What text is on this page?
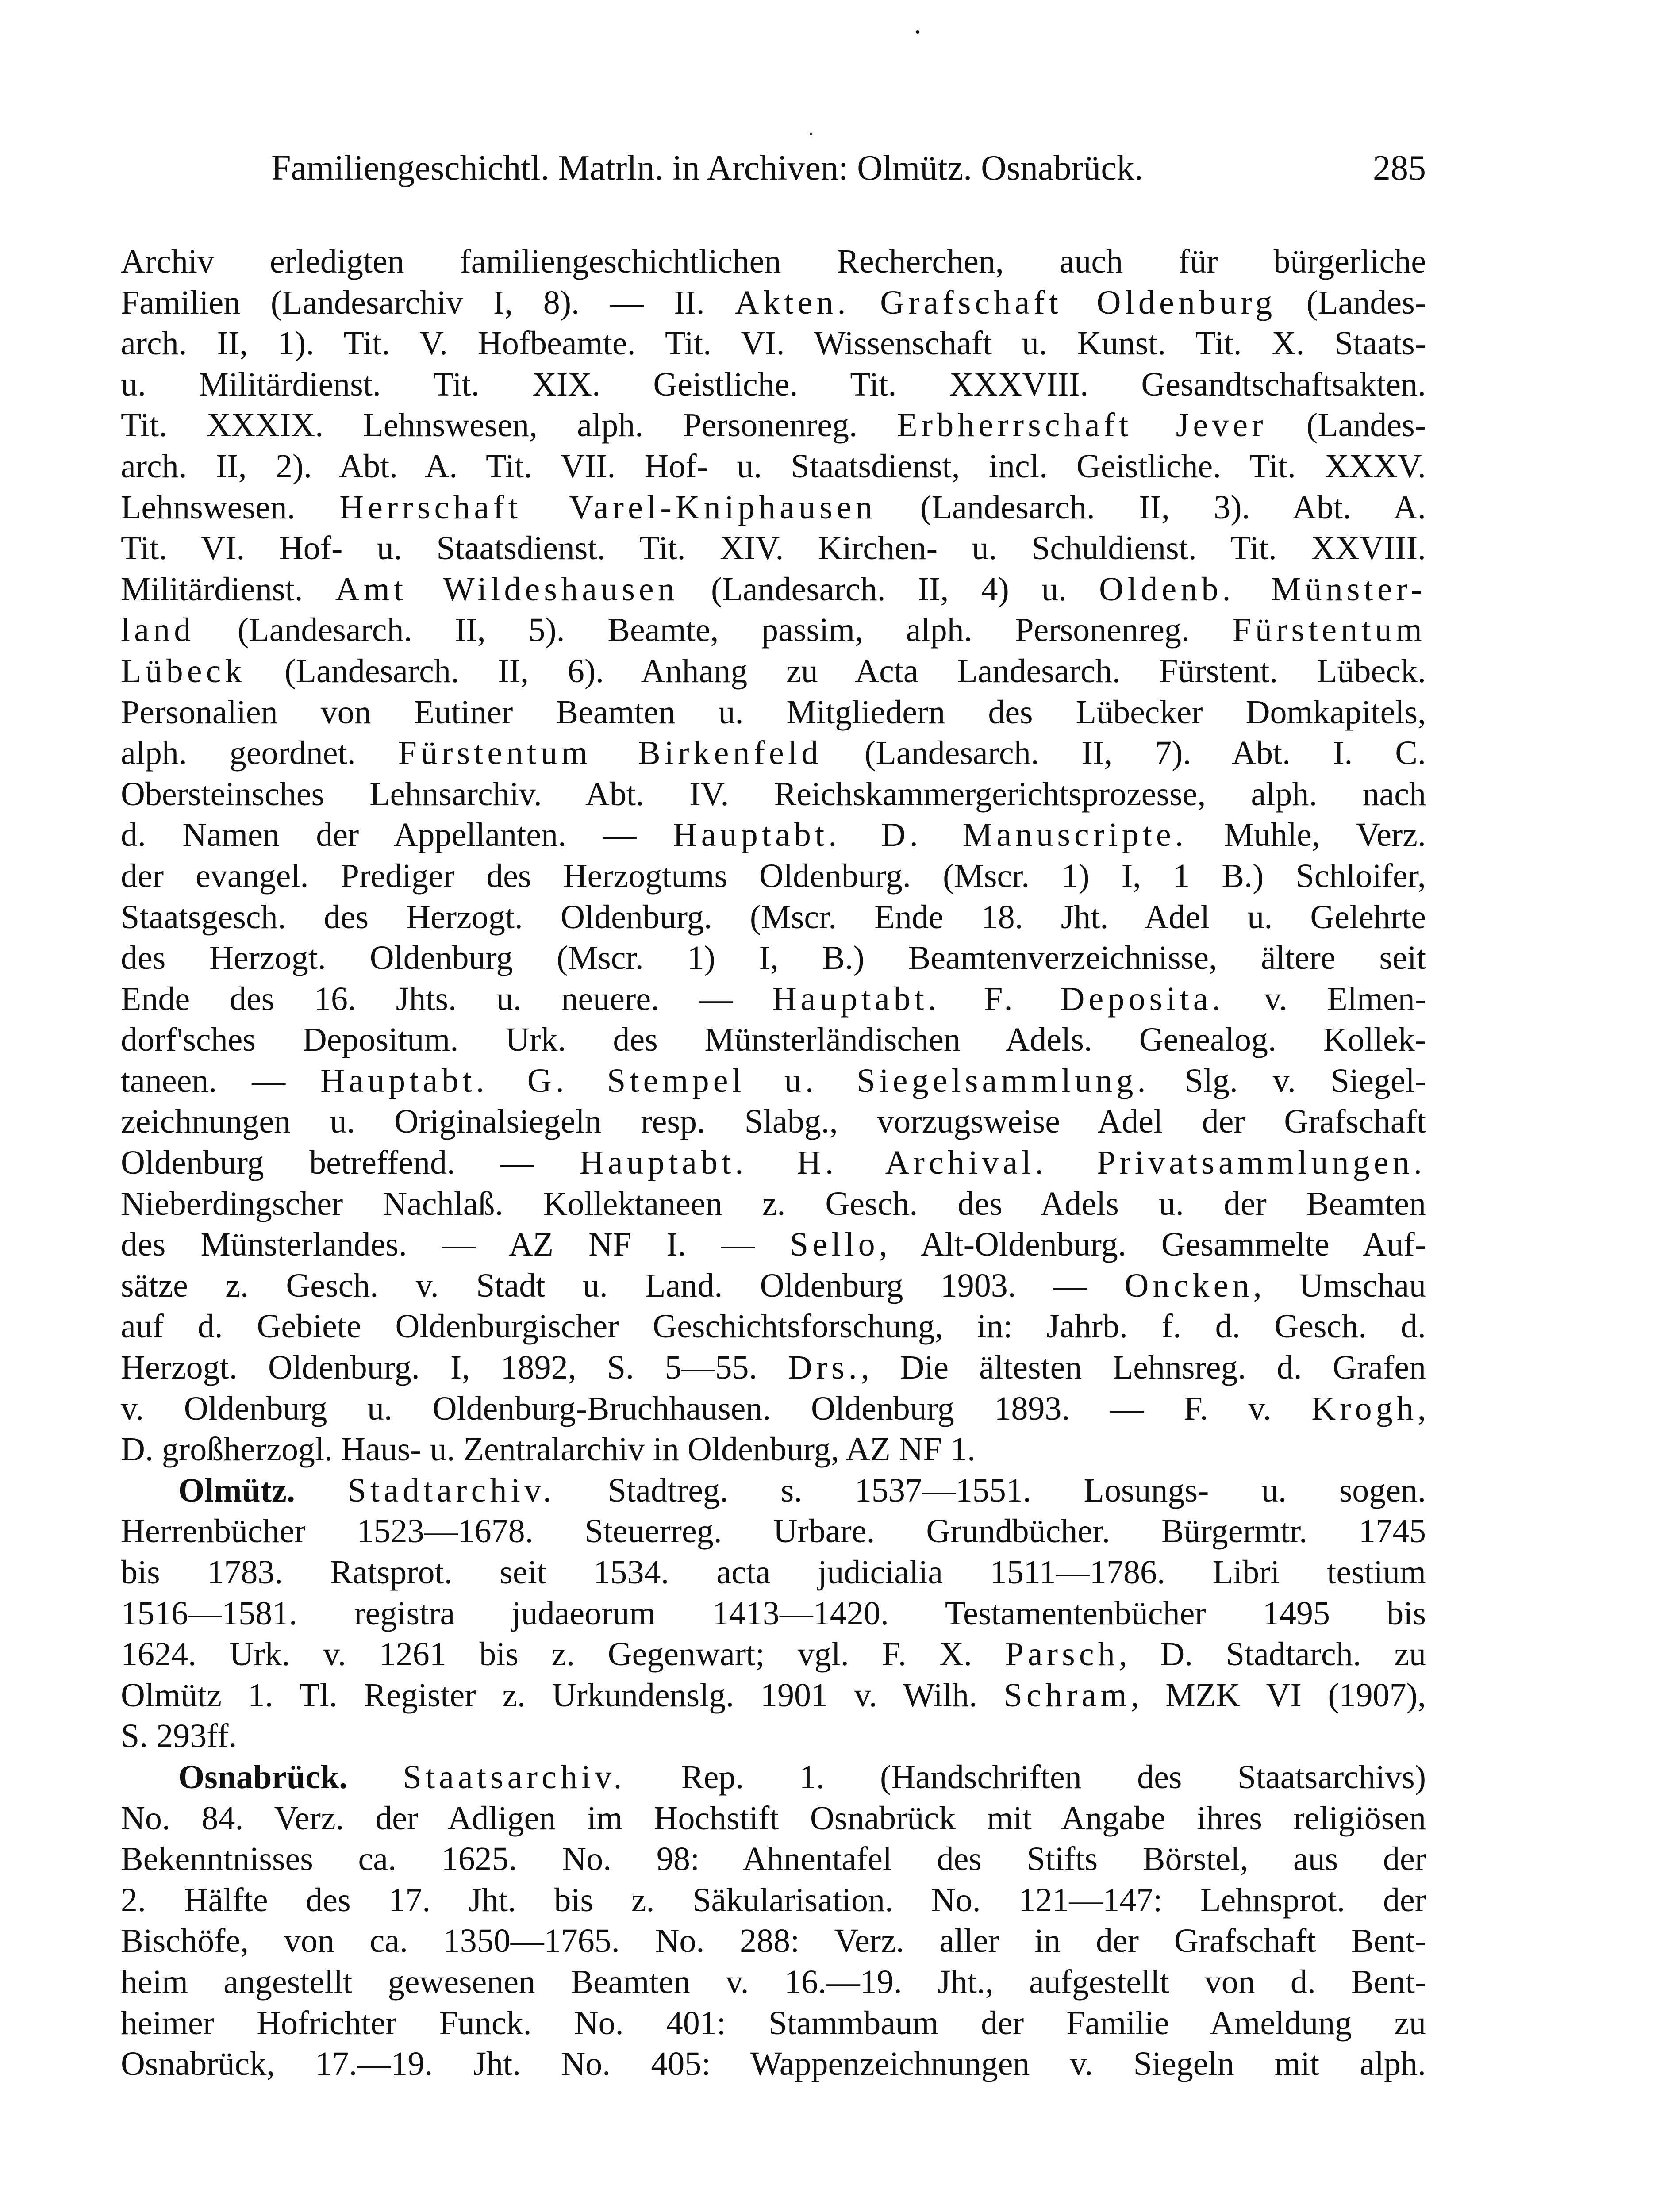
Familiengeschichtl. Matrln. in Archiven: Olmütz. Osnabrück.	285
Archiv erledigten familiengeschichtlichen Recherchen, auch für bürgerliche
Familien (Landesarchiv I, 8). — II. Akten. Grafschaft Oldenburg (Landes-
arch. II, 1). Tit. V. Hofbeamte. Tit. VI. Wissenschaft u. Kunst. Tit. X. Staats-
u. Militärdienst. Tit. XIX. Geistliche. Tit. XXXVIII. Gesandtschaftsakten.
Tit. XXXIX. Lehnswesen, alph. Personenreg. Erbherrschaft Jever (Landes-
arch. II, 2). Abt. A. Tit. VII. Hof- u. Staatsdienst, incl. Geistliche. Tit. XXXV.
Lehnswesen. Herrschaft Varel-Kniphausen (Landesarch. II, 3). Abt. A.
Tit. VI. Hof- u. Staatsdienst. Tit. XIV. Kirchen- u. Schuldienst. Tit. XXVIII.
Militärdienst. Amt Wildeshausen (Landesarch. II, 4) u. Oldenb. Münster-
land (Landesarch. II, 5). Beamte, passim, alph. Personenreg. Fürstentum
Lübeck (Landesarch. II, 6). Anhang zu Acta Landesarch. Fürstent. Lübeck.
Personalien von Eutiner Beamten u. Mitgliedern des Lübecker Domkapitels,
alph. geordnet. Fürstentum Birkenfeld (Landesarch. II, 7). Abt. I. C.
Obersteinsches Lehnsarchiv. Abt. IV. Reichskammergerichtsprozesse, alph. nach
d. Namen der Appellanten. — Hauptabt. D. Manuscripte. Muhle, Verz.
der evangel. Prediger des Herzogtums Oldenburg. (Mscr. 1) I, 1 B.) Schloifer,
Staatsgesch. des Herzogt. Oldenburg. (Mscr. Ende 18. Jht. Adel u. Gelehrte
des Herzogt. Oldenburg (Mscr. 1) I, B.) Beamtenverzeichnisse, ältere seit
Ende des 16. Jhts. u. neuere. — Hauptabt. F. Deposita. v. Elmen-
dorf'sches Depositum. Urk. des Münsterländischen Adels. Genealog. Kollek-
taneen. — Hauptabt. G. Stempel u. Siegelsammlung. Slg. v. Siegel-
zeichnungen u. Originalsiegeln resp. Slabg., vorzugsweise Adel der Grafschaft
Oldenburg betreffend. — Hauptabt. H. Archival. Privatsammlungen.
Nieberdingscher Nachlaß. Kollektaneen z. Gesch. des Adels u. der Beamten
des Münsterlandes. — AZ NF I. — Sello, Alt-Oldenburg. Gesammelte Auf-
sätze z. Gesch. v. Stadt u. Land. Oldenburg 1903. — Oncken, Umschau
auf d. Gebiete Oldenburgischer Geschichtsforschung, in: Jahrb. f. d. Gesch. d.
Herzogt. Oldenburg. I, 1892, S. 5—55. Drs., Die ältesten Lehnsreg. d. Grafen
v. Oldenburg u. Oldenburg-Bruchhausen. Oldenburg 1893. — F. v. Krogh,
D. großherzogl. Haus- u. Zentralarchiv in Oldenburg, AZ NF 1.
Olmütz. Stadtarchiv. Stadtreg. s. 1537—1551. Losungs- u. sogen.
Herrenbücher 1523—1678. Steuerreg. Urbare. Grundbücher. Bürgermtr. 1745
bis 1783. Ratsprot. seit 1534. acta judicialia 1511—1786. Libri testium
1516—1581. registra judaeorum 1413—1420. Testamentenbücher 1495 bis
1624. Urk. v. 1261 bis z. Gegenwart; vgl. F. X. Parsch, D. Stadtarch. zu
Olmütz 1. Tl. Register z. Urkundenslg. 1901 v. Wilh. Schram, MZK VI (1907),
S. 293ff.
Osnabrück. Staatsarchiv. Rep. 1. (Handschriften des Staatsarchivs)
No. 84. Verz. der Adligen im Hochstift Osnabrück mit Angabe ihres religiösen
Bekenntnisses ca. 1625. No. 98: Ahnentafel des Stifts Börstel, aus der
2. Hälfte des 17. Jht. bis z. Säkularisation. No. 121—147: Lehnsprot. der
Bischöfe, von ca. 1350—1765. No. 288: Verz. aller in der Grafschaft Bent-
heim angestellt gewesenen Beamten v. 16.—19. Jht., aufgestellt von d. Bent-
heimer Hofrichter Funck. No. 401: Stammbaum der Familie Ameldung zu
Osnabrück, 17.—19. Jht. No. 405: Wappenzeichnungen v. Siegeln mit alph.
